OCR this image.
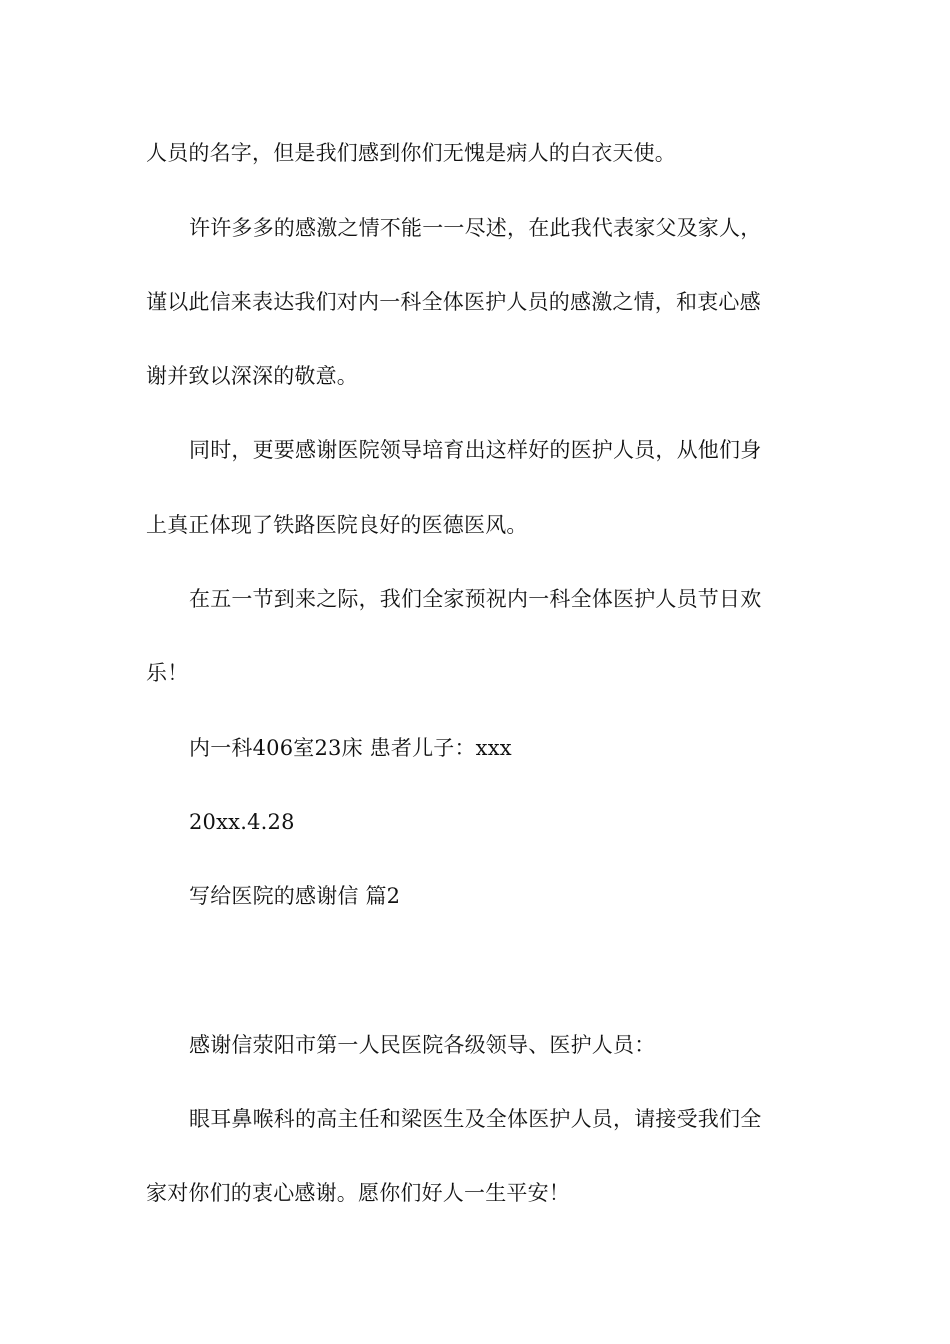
人员的名字，但是我们感到你们无愧是病人的白衣天使。
许许多多的感激之情不能一一尽述，在此我代表家父及家人，
谨以此信来表达我们对内一科全体医护人员的感激之情，和衷心感
谢并致以深深的敬意。
同时，更要感谢医院领导培育出这样好的医护人员，从他们身
上真正体现了铁路医院良好的医德医风。
在五一节到来之际，我们全家预祝内一科全体医护人员节日欢
乐！
内一科406室23床 患者儿子：xxx
20xx.4.28
写给医院的感谢信 篇2
感谢信荥阳市第一人民医院各级领导、医护人员：
眼耳鼻喉科的高主任和梁医生及全体医护人员，请接受我们全
家对你们的衷心感谢。愿你们好人一生平安！
